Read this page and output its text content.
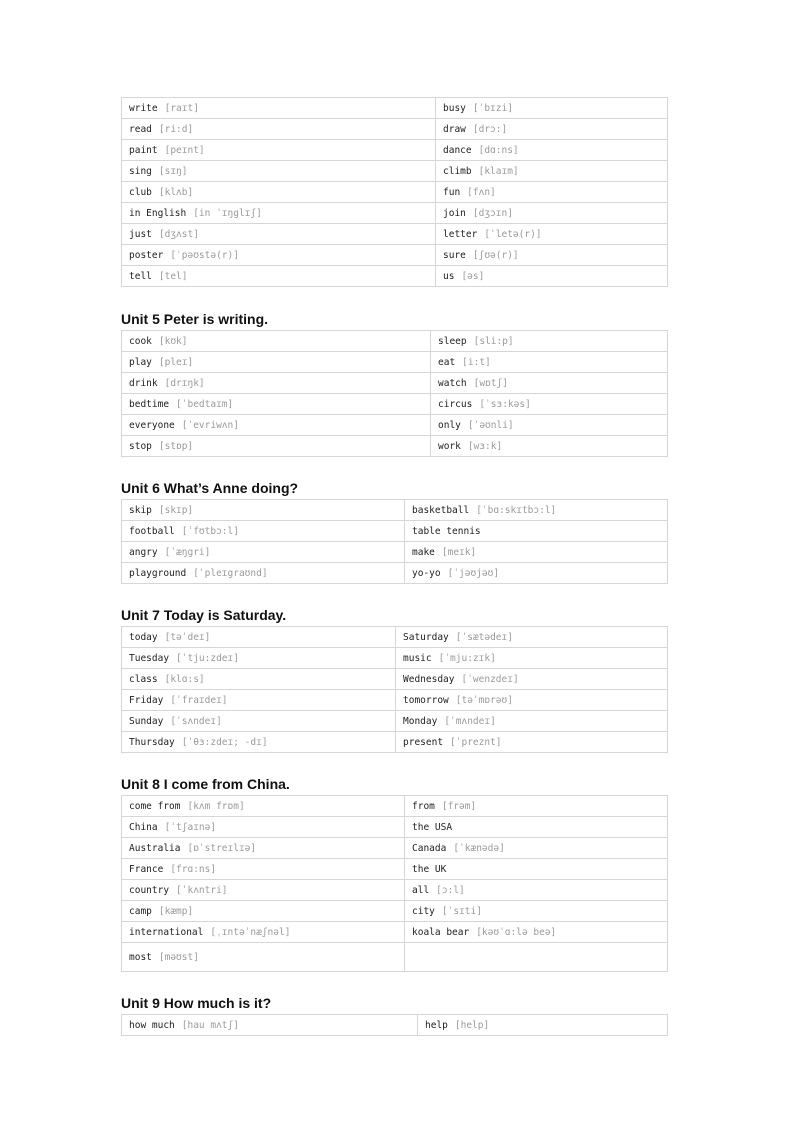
write [raɪt]	busy [ˈbɪzi]
read [ri:d]	draw [drɔ:]
paint [peɪnt]	dance [dɑ:ns]
sing [sɪŋ]	climb [klaɪm]
club [klʌb]	fun [fʌn]
in English [in ˈɪŋglɪʃ]	join [dʒɔɪn]
just [dʒʌst]	letter [ˈletə(r)]
poster [ˈpəʊstə(r)]	sure [ʃʊə(r)]
tell [tel]	us [əs]
Unit 5 Peter is writing.
cook [kʊk]	sleep [sli:p]
play [pleɪ]	eat [i:t]
drink [drɪŋk]	watch [wɒtʃ]
bedtime [ˈbedtaɪm]	circus [ˈsɜ:kəs]
everyone [ˈevriwʌn]	only [ˈəʊnli]
stop [stɒp]	work [wɜ:k]
Unit 6 What’s Anne doing?
skip [skɪp]	basketball [ˈbɑ:skɪtbɔ:l]
football [ˈfʊtbɔ:l]	table tennis
angry [ˈæŋgri]	make [meɪk]
playground [ˈpleɪgraʊnd]	yo-yo [ˈjəʊjəʊ]
Unit 7 Today is Saturday.
today [təˈdeɪ]	Saturday [ˈsætədeɪ]
Tuesday [ˈtju:zdeɪ]	music [ˈmju:zɪk]
class [klɑ:s]	Wednesday [ˈwenzdeɪ]
Friday [ˈfraɪdeɪ]	tomorrow [təˈmɒrəʊ]
Sunday [ˈsʌndeɪ]	Monday [ˈmʌndeɪ]
Thursday [ˈθɜ:zdeɪ; -dɪ]	present [ˈpreznt]
Unit 8 I come from China.
come from [kʌm frɒm]	from [frəm]
China [ˈtʃaɪnə]	the USA
Australia [ɒˈstreɪlɪə]	Canada [ˈkænədə]
France [frɑ:ns]	the UK
country [ˈkʌntri]	all [ɔ:l]
camp [kæmp]	city [ˈsɪti]
international [ˌɪntəˈnæʃnəl]	koala bear [kəʊˈɑ:lə beə]
most [məʊst]	
Unit 9 How much is it?
how much [hau mʌtʃ]	help [help]
